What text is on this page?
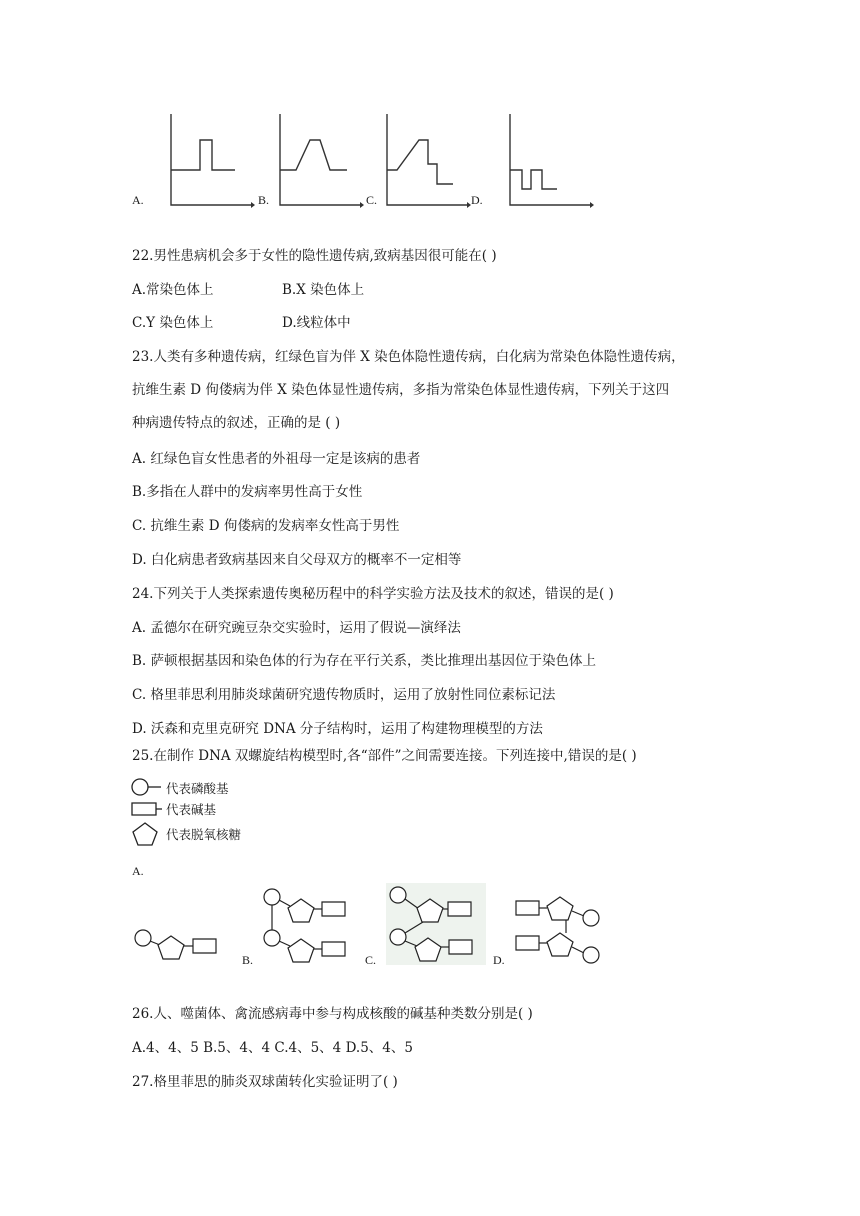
A.	B.	C.	D.
22.男性患病机会多于女性的隐性遗传病,致病基因很可能在( )
A.常染色体上	B.X 染色体上
C.Y 染色体上	D.线粒体中
23.人类有多种遗传病，红绿色盲为伴 X 染色体隐性遗传病，白化病为常染色体隐性遗传病，
抗维生素 D 佝偻病为伴 X 染色体显性遗传病，多指为常染色体显性遗传病，下列关于这四
种病遗传特点的叙述，正确的是 ( )
A. 红绿色盲女性患者的外祖母一定是该病的患者
B.多指在人群中的发病率男性高于女性
C. 抗维生素 D 佝偻病的发病率女性高于男性
D. 白化病患者致病基因来自父母双方的概率不一定相等
24.下列关于人类探索遗传奥秘历程中的科学实验方法及技术的叙述，错误的是( )
A. 孟德尔在研究豌豆杂交实验时，运用了假说—演绎法
B. 萨顿根据基因和染色体的行为存在平行关系，类比推理出基因位于染色体上
C. 格里菲思利用肺炎球菌研究遗传物质时，运用了放射性同位素标记法
D. 沃森和克里克研究 DNA 分子结构时，运用了构建物理模型的方法
25.在制作 DNA 双螺旋结构模型时,各“部件”之间需要连接。下列连接中,错误的是( )
代表磷酸基
代表碱基
代表脱氧核糖
A.
B.	C.	D.
26.人、噬菌体、禽流感病毒中参与构成核酸的碱基种类数分别是( )
A.4、4、5 B.5、4、4 C.4、5、4 D.5、4、5
27.格里菲思的肺炎双球菌转化实验证明了( )
